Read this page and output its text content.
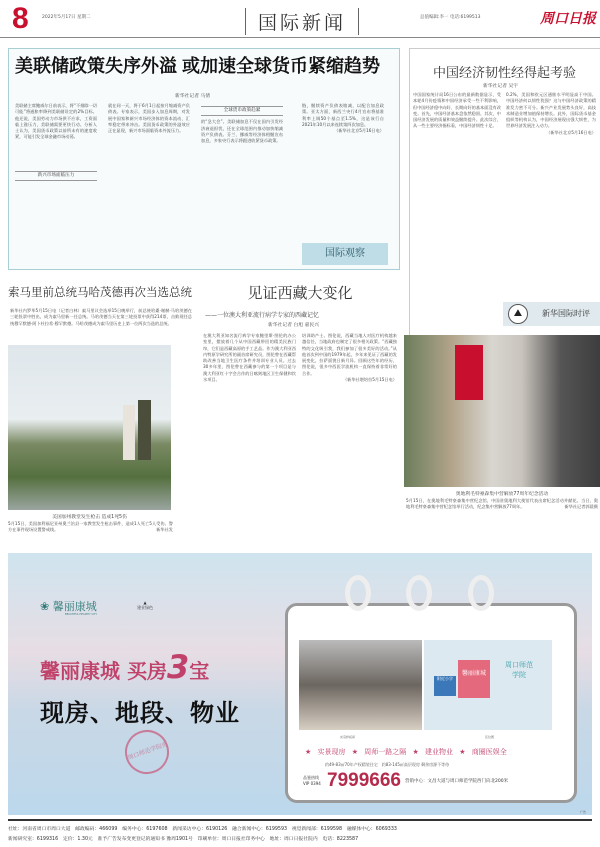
8	2022年5月17日 星期二	国际新闻	总值编辑:李一 电话:6199513	周口日报
美联储政策失序外溢 或加速全球货币紧缩趋势
新华社记者 马倩

美联储主席鲍威尔日前表示，将“不排除一切可能”将通胀率降到美联储设定的2%目标。他还说，美国劳动力市场供不应求，工资面临上涨压力，美联储需要更快行动。分析人士认为，美国货币政策以前所未有的速度收紧，可能引发全球金融市场动荡。

新兴市场面临压力

就在同一天，将于6月1日起按月缩减资产负债表。专家表示，美国步入加息周期，对发展中国家和新兴市场经济体的资本流动、汇率稳定带来冲击。美国货币政策的外溢效应正在显现，新兴市场面临资本外流压力。

全球货币政策趋紧

的“急大会”。美联储加息不仅在国内引发经济衰退担忧，还在全球范围内推动加快缩减资产负债表。芬兰、挪威等经济体相继宣布加息，多家央行表示将跟进收紧货币政策。

链，继续资产负债表缩减，以配合加息政策。亚太方面，新西兰央行4月宣布将基准利率上调50个基点至1.5%，这是该行自2021年10月以来连续第四次加息。

（新华社北京5月16日电）

国际观察
中国经济韧性经得起考验
新华社记者 吴宇

中国国家统计局16日公布的最新数据显示，受本轮4月份疫情和中国经济承受一些不利影响，但中国经济稳中向好、长期向好的基本面没有改变。首先，中国经济基本盘依然稳固。其次，中国经济发展的质量和效益继续提升。此次综合，从一些主要经济指标看，中国经济韧性十足。

0.2%，美国和欧元区通胀水平明显高于中国。中国经济何以韧性犹强？这与中国经济政策的精准发力密不可分。新兴产业发展势头良好，高技术制造业增加值保持增长。此外，国际货币基金组织等机构认为，中国经济展现出强大韧性，为世界经济发展注入动力。

（新华社北京5月16日电）

新华国际时评
⛰
索马里前总统马哈茂德再次当选总统
新华社内罗毕5月15日电（记者白林）索马里议会选举15日晚举行，前总统哈桑·谢赫·马哈茂德在三轮投票中胜出，成为索马里新一任总统。马哈茂德当天在第三轮投票中获得214票，击败现任总统穆罕默德·阿卜杜拉希·穆罕默德。马哈茂德成为索马里历史上第一位两次当选的总统。
美国加州教堂发生枪击 造成1死5伤
5月15日，美国加利福尼亚州奥兰治县一家教堂发生枪击事件，造成1人死亡5人受伤。警方在事件现场设置警戒线。	新华社发
见证西藏大变化
——一位澳大利亚流行病学专家的西藏记忆
新华社记者 白旭 嘉民兴
在澳大利亚知名流行病学专家鲍里斯·图伦的办公室里，摆放着几个从中国西藏带回的精美民族门帘，它们是西藏高原的手工艺品。作为澳大利亚西内特原学研究所的副首席研究员，图伦曾在西藏帮助改善当地卫生医疗条件并培训专业人员。过去30多年里，图伦曾在西藏参与的第一个项目是与澳大利亚红十字会合作的日喀则地区卫生保健和饮水项目。

培训助产士。图伦说，西藏当地人对医疗机构越来越信任，当地政府也制定了很多相关政策。“西藏独特的文化吸引我，我们参加了很多美好的活动。”从他首次到中国的1979年起，多年来见证了西藏的发展变化，拉萨面貌日新月异。回顾这些年的经历，图伦说，很多中西医学流机构一直保持着非常好的合作。

（新华社堪培拉5月15日电）

奥地利毛特豪森集中营解放77周年纪念活动
5月15日，在奥地利毛特豪森集中营纪念馆，中国驻奥地利大使馆代表出席纪念活动并献花。当日，奥地利毛特豪森集中营纪念馆举行活动，纪念集中营解放77周年。	新华社记者郭晨摄
❀ 馨丽康城
BEAUTIFUL HEALTHY CITY
▲
建业绿色
馨丽康城 买房3宝
现房、地段、物业
周口师范学院旁
馨丽康城
附近小学
周口师范学院
实景样板间	区位图
★ 实景现房 ★ 周师一路之隔 ★ 建业物业 ★ 商圈医娱全
约49-83㎡70年产权精装住宅　约83-145㎡高层现房 剩余房源不等待
品鉴热线
VIP 0394 7999666 营销中心：文昌大道与周口师范学院西门向北200米
广告
社址：河南省周口市周口大道　邮政编码：466099　编务中心：6197608　新闻采访中心：6190126　融合新闻中心：6199593　视觉新闻部：6199598　融媒体中心：6069333
新闻研究室：6199316　定价：1.30元　准予广告发布变更登记的通知书 豫周1901号　印刷单位：周口日报社印务中心　地址：周口日报社院内　电话：8223587
